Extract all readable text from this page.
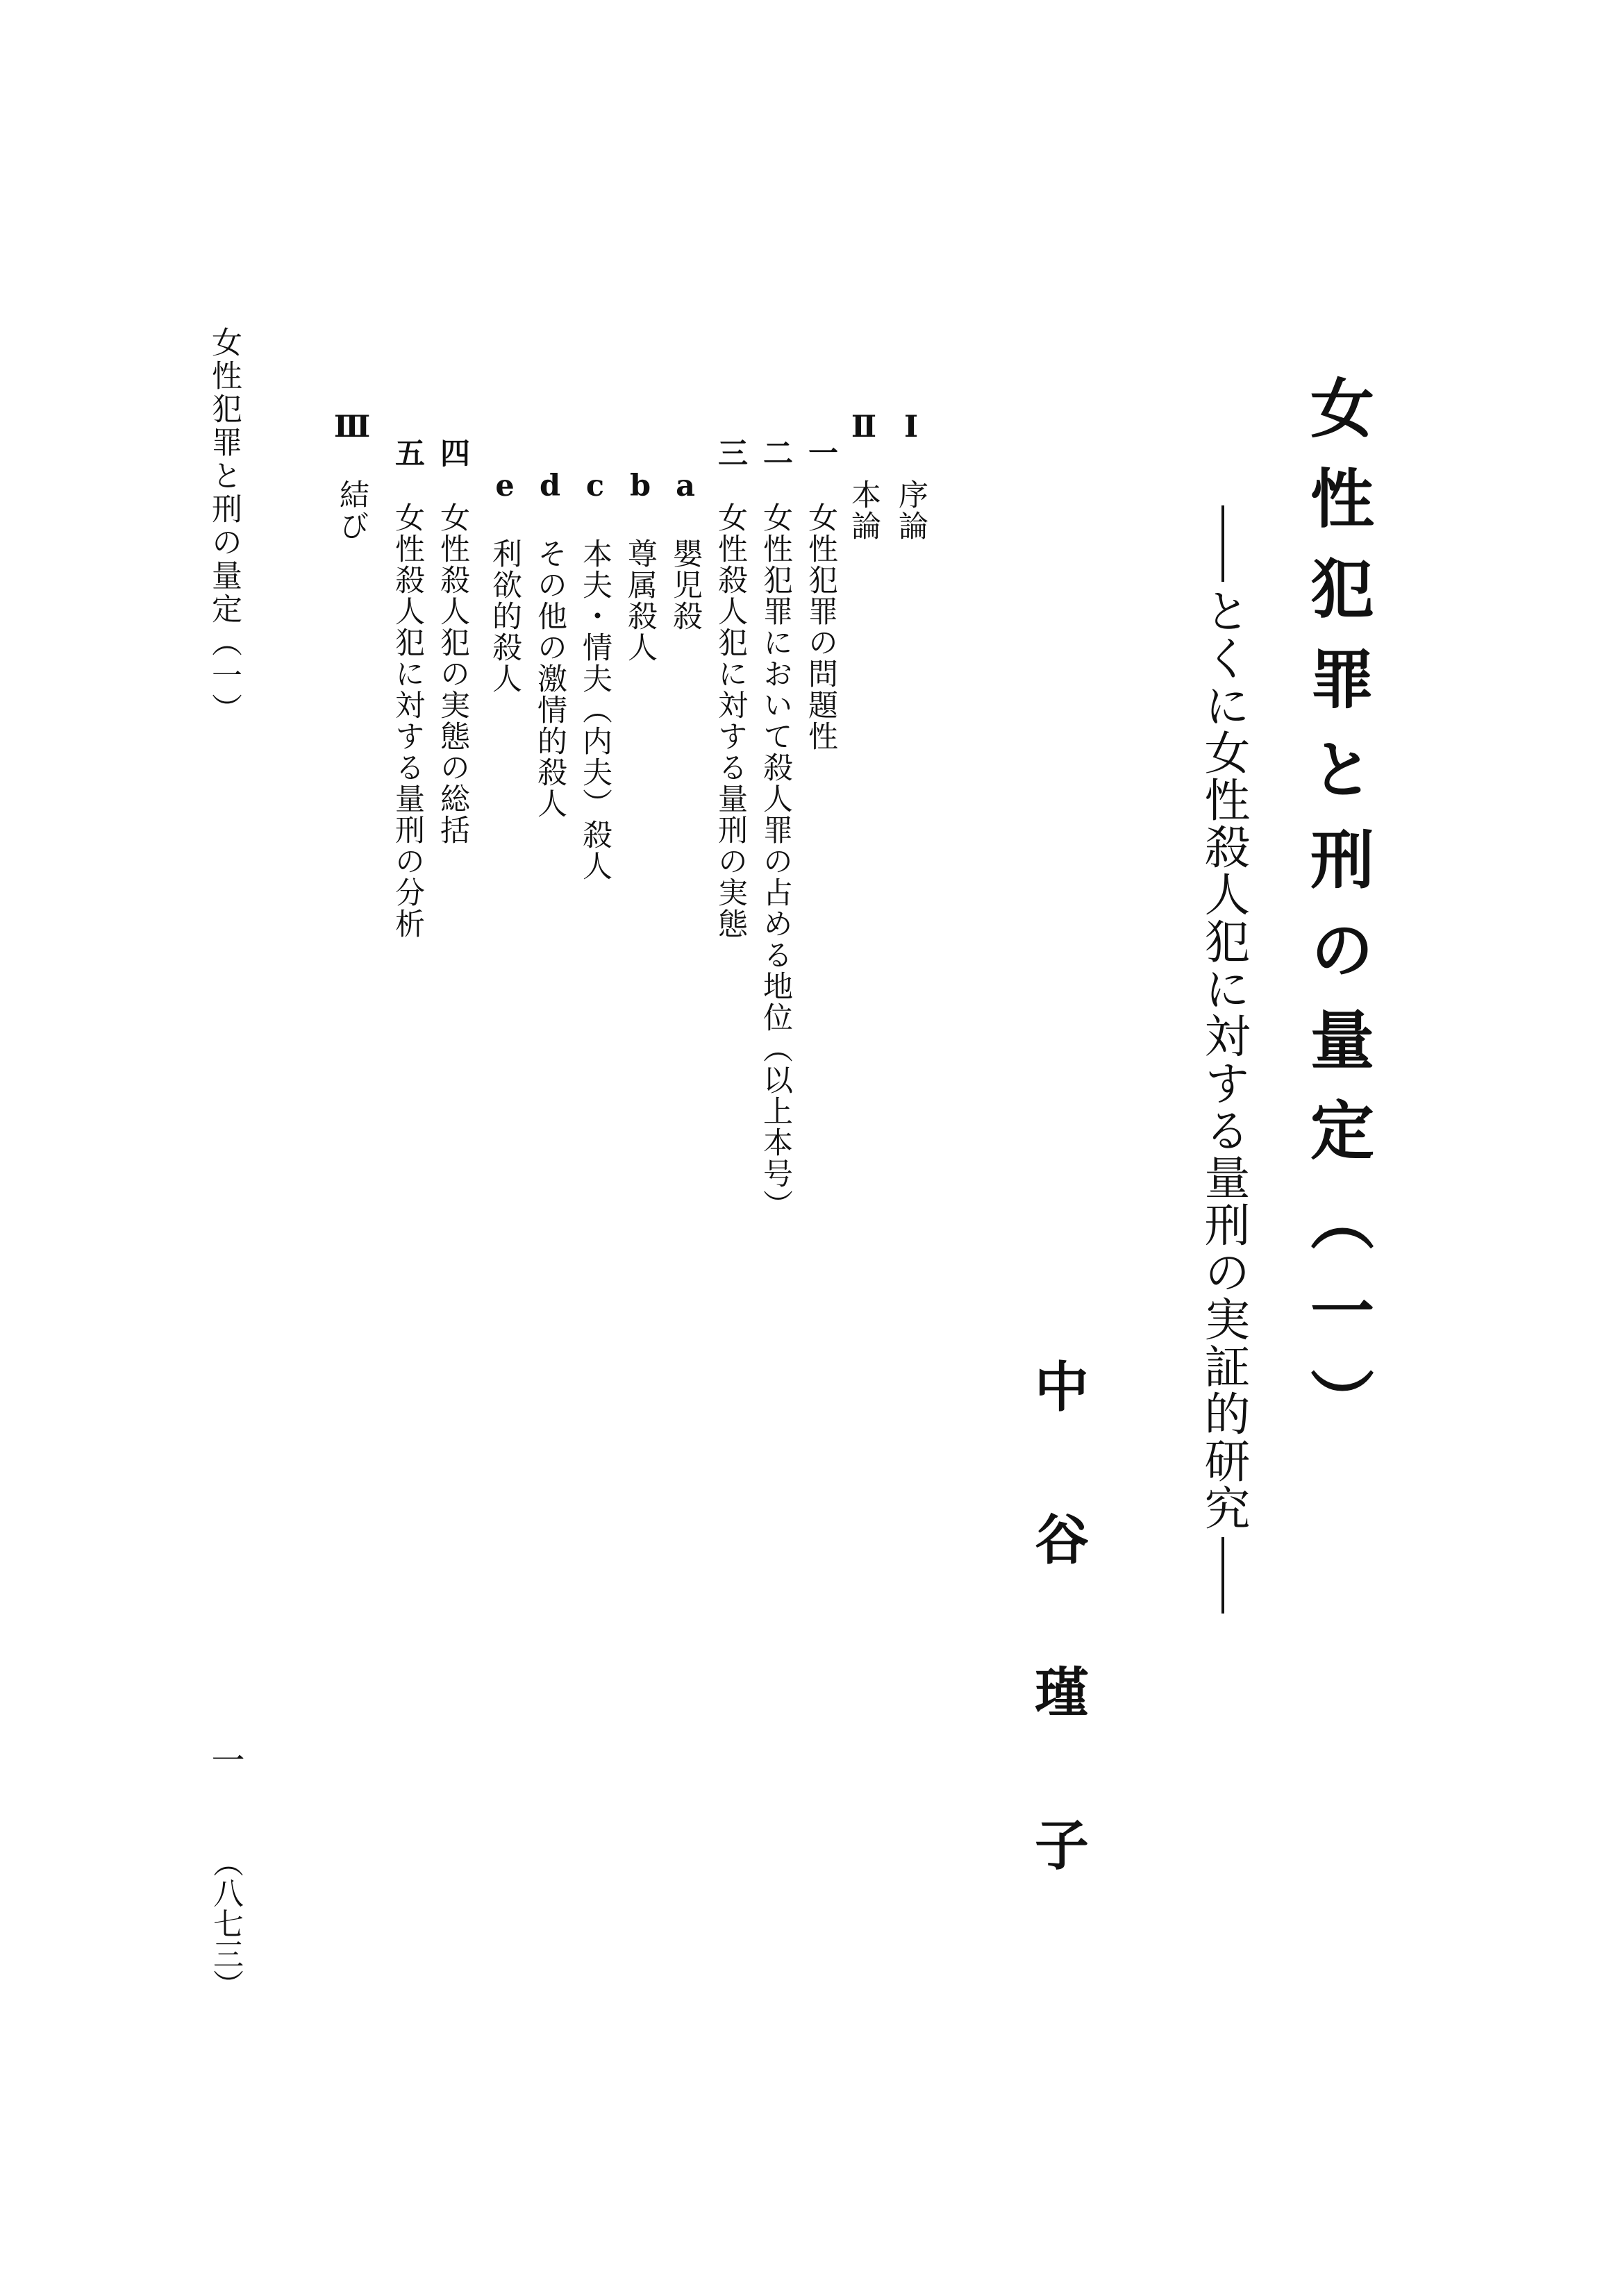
女性犯罪と刑の量定（一）
とくに女性殺人犯に対する量刑の実証的研究
中
谷
瑾
子
Ⅰ序論
Ⅱ本論
一女性犯罪の問題性
二女性犯罪において殺人罪の占める地位（以上本号）
三女性殺人犯に対する量刑の実態
a嬰児殺
b尊属殺人
c本夫・情夫（内夫）殺人
dその他の激情的殺人
e利欲的殺人
四女性殺人犯の実態の総括
五女性殺人犯に対する量刑の分析
Ⅲ結び
女性犯罪と刑の量定（一）
一
（八七三）
